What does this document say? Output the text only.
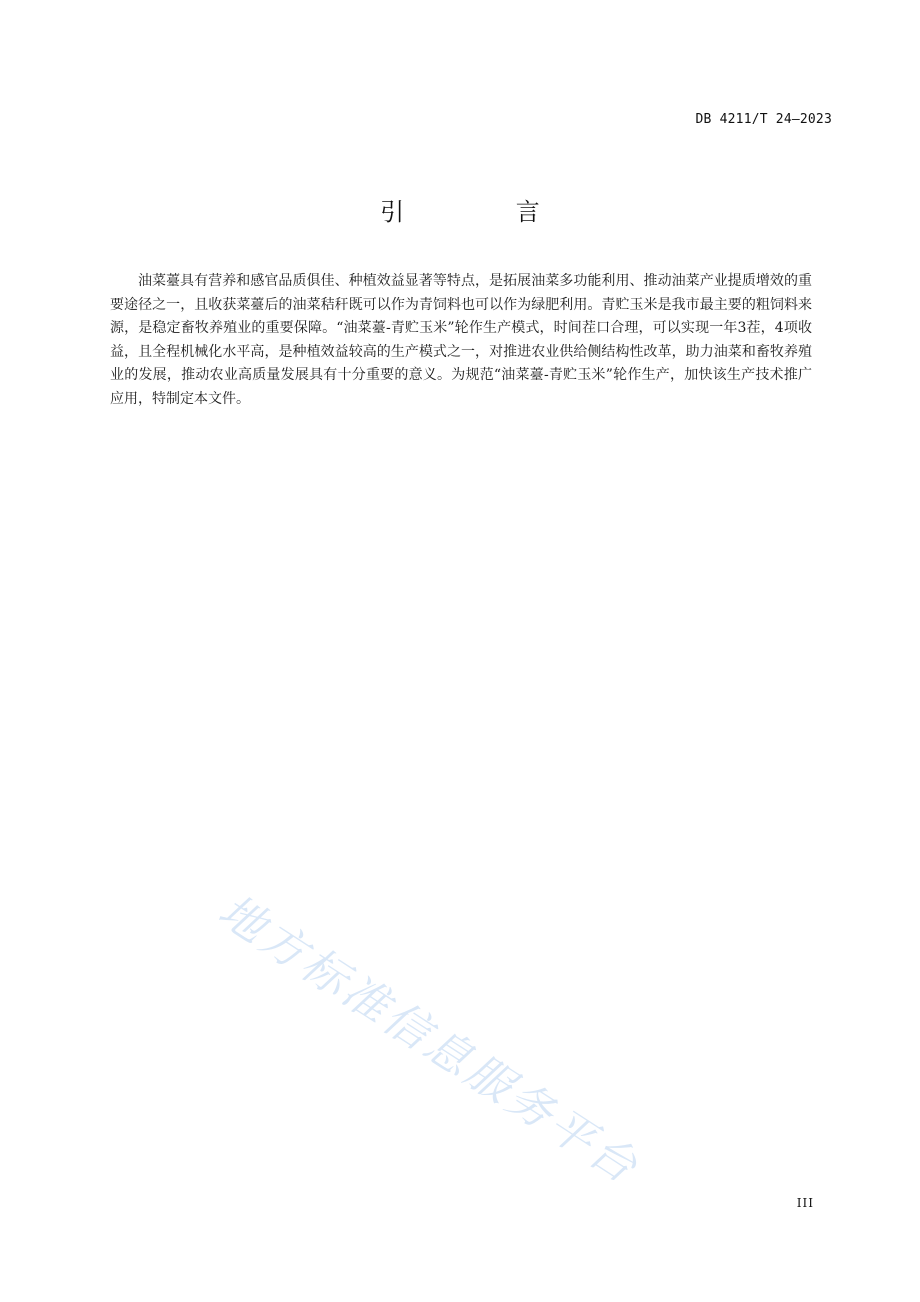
DB 4211/T 24—2023
引 言

油菜薹具有营养和感官品质俱佳、种植效益显著等特点，是拓展油菜多功能利用、推动油菜产业提质增效的重要途径之一，且收获菜薹后的油菜秸秆既可以作为青饲料也可以作为绿肥利用。青贮玉米是我市最主要的粗饲料来源，是稳定畜牧养殖业的重要保障。“油菜薹-青贮玉米”轮作生产模式，时间茬口合理，可以实现一年3茬，4项收益，且全程机械化水平高，是种植效益较高的生产模式之一，对推进农业供给侧结构性改革，助力油菜和畜牧养殖业的发展，推动农业高质量发展具有十分重要的意义。为规范“油菜薹-青贮玉米”轮作生产，加快该生产技术推广应用，特制定本文件。

地方标准信息服务平台
III
